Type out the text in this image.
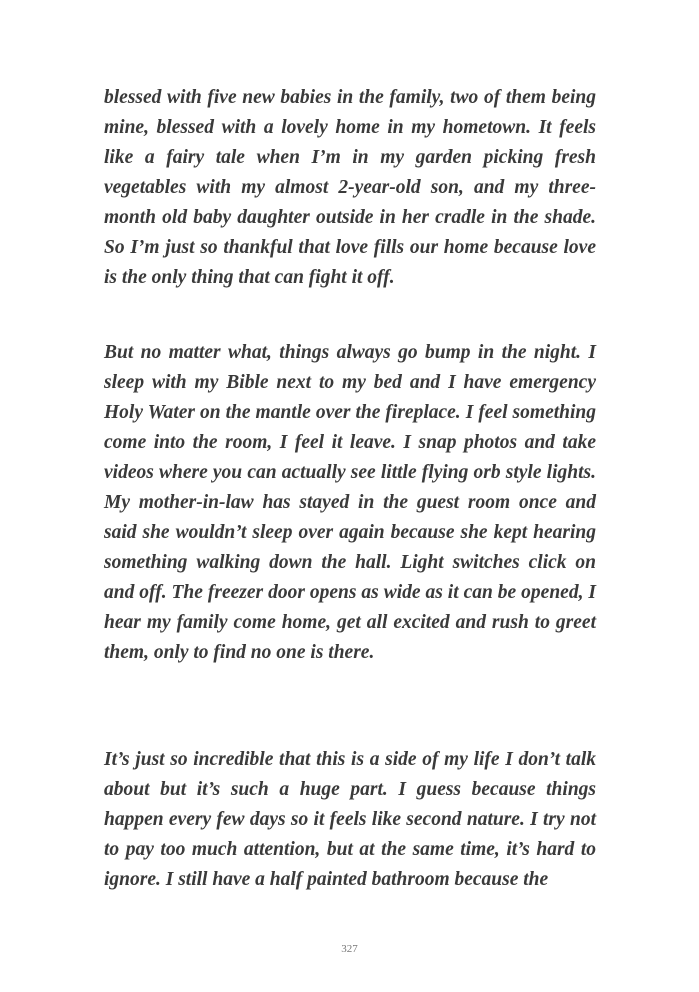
blessed with five new babies in the family, two of them being mine, blessed with a lovely home in my hometown. It feels like a fairy tale when I’m in my garden picking fresh vegetables with my almost 2-year-old son, and my three-month old baby daughter outside in her cradle in the shade. So I’m just so thankful that love fills our home because love is the only thing that can fight it off.

But no matter what, things always go bump in the night. I sleep with my Bible next to my bed and I have emergency Holy Water on the mantle over the fireplace. I feel something come into the room, I feel it leave. I snap photos and take videos where you can actually see little flying orb style lights. My mother-in-law has stayed in the guest room once and said she wouldn’t sleep over again because she kept hearing something walking down the hall. Light switches click on and off. The freezer door opens as wide as it can be opened, I hear my family come home, get all excited and rush to greet them, only to find no one is there.

It’s just so incredible that this is a side of my life I don’t talk about but it’s such a huge part. I guess because things happen every few days so it feels like second nature. I try not to pay too much attention, but at the same time, it’s hard to ignore. I still have a half painted bathroom because the

327
